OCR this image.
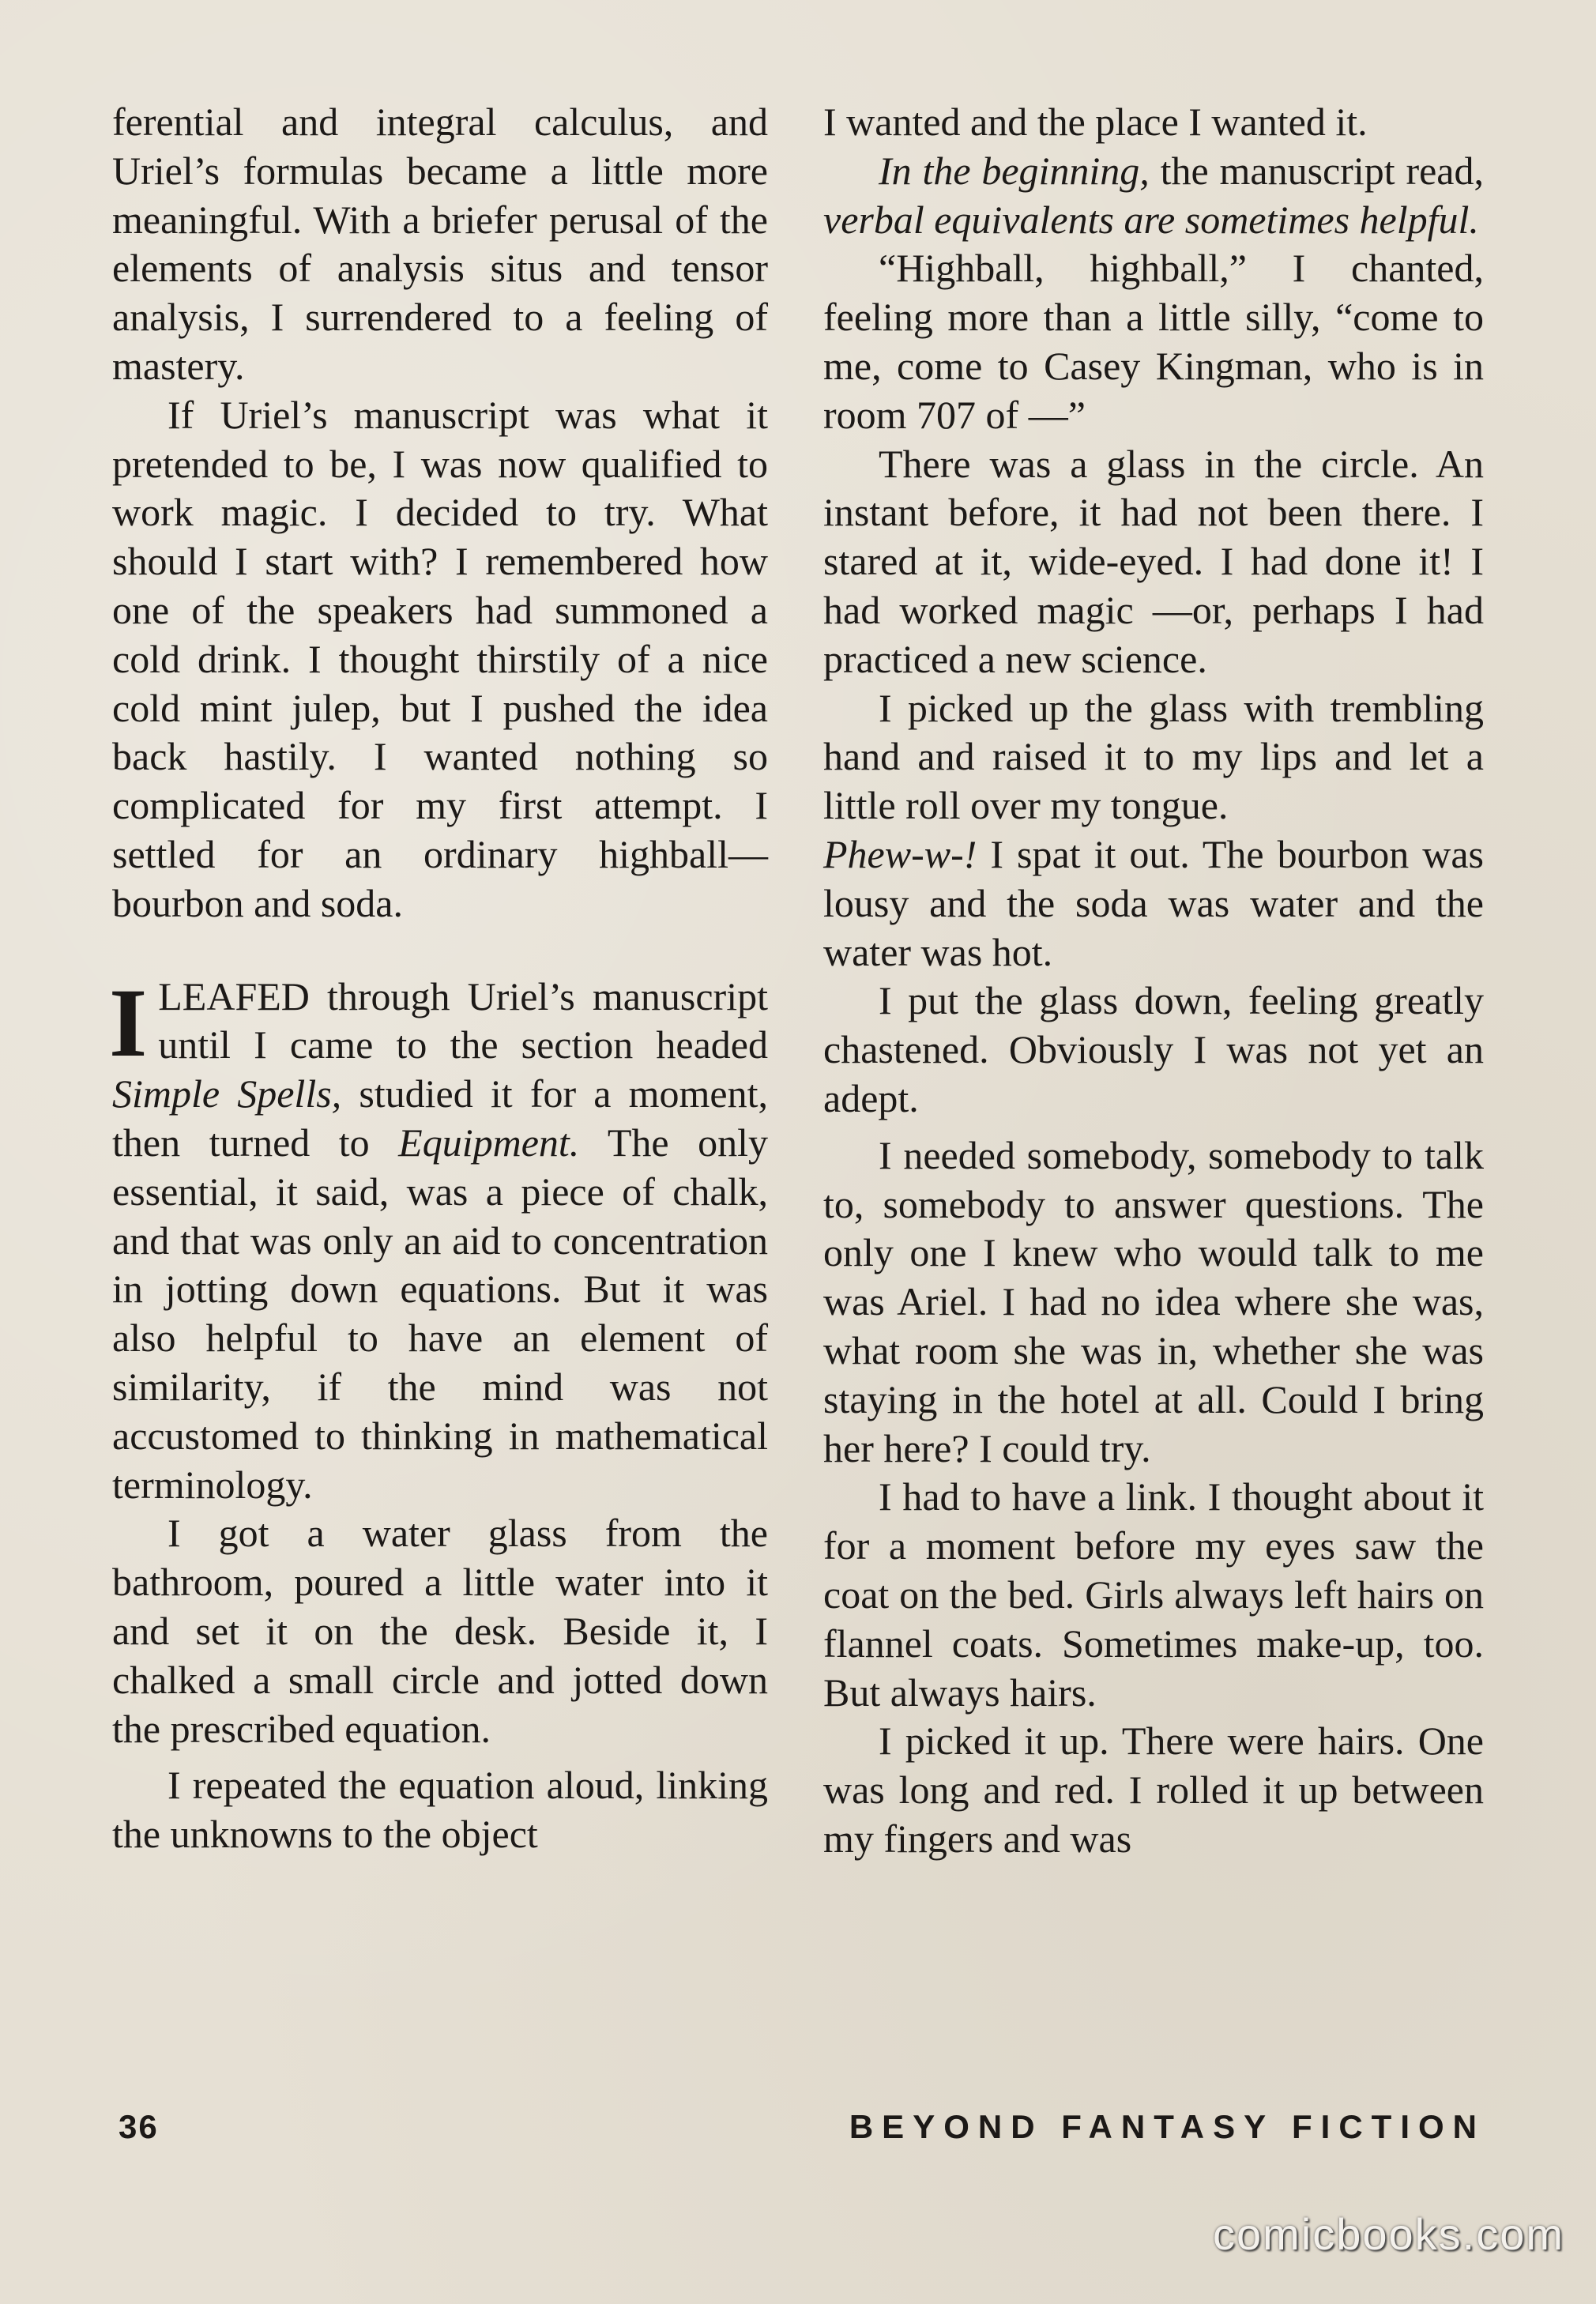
ferential and integral calculus, and Uriel’s formulas became a little more meaningful. With a briefer perusal of the elements of analysis situs and tensor analysis, I surrendered to a feeling of mastery.

If Uriel’s manuscript was what it pretended to be, I was now qualified to work magic. I decided to try. What should I start with? I remembered how one of the speakers had summoned a cold drink. I thought thirstily of a nice cold mint julep, but I pushed the idea back hastily. I wanted nothing so complicated for my first attempt. I settled for an ordinary highball—bourbon and soda.

ILEAFED through Uriel’s manuscript until I came to the section headed Simple Spells, studied it for a moment, then turned to Equipment. The only essential, it said, was a piece of chalk, and that was only an aid to concentration in jotting down equations. But it was also helpful to have an element of similarity, if the mind was not accustomed to thinking in mathematical terminology.

I got a water glass from the bathroom, poured a little water into it and set it on the desk. Beside it, I chalked a small circle and jotted down the prescribed equation.

I repeated the equation aloud, linking the unknowns to the object

I wanted and the place I wanted it.

In the beginning, the manuscript read, verbal equivalents are sometimes helpful.

“Highball, highball,” I chanted, feeling more than a little silly, “come to me, come to Casey Kingman, who is in room 707 of —”

There was a glass in the circle. An instant before, it had not been there. I stared at it, wide-eyed. I had done it! I had worked magic —or, perhaps I had practiced a new science.

I picked up the glass with trembling hand and raised it to my lips and let a little roll over my tongue.

Phew-w-! I spat it out. The bourbon was lousy and the soda was water and the water was hot.

I put the glass down, feeling greatly chastened. Obviously I was not yet an adept.

I needed somebody, somebody to talk to, somebody to answer questions. The only one I knew who would talk to me was Ariel. I had no idea where she was, what room she was in, whether she was staying in the hotel at all. Could I bring her here? I could try.

I had to have a link. I thought about it for a moment before my eyes saw the coat on the bed. Girls always left hairs on flannel coats. Sometimes make-up, too. But always hairs.

I picked it up. There were hairs. One was long and red. I rolled it up between my fingers and was

36	BEYOND FANTASY FICTION
comicbooks.com
